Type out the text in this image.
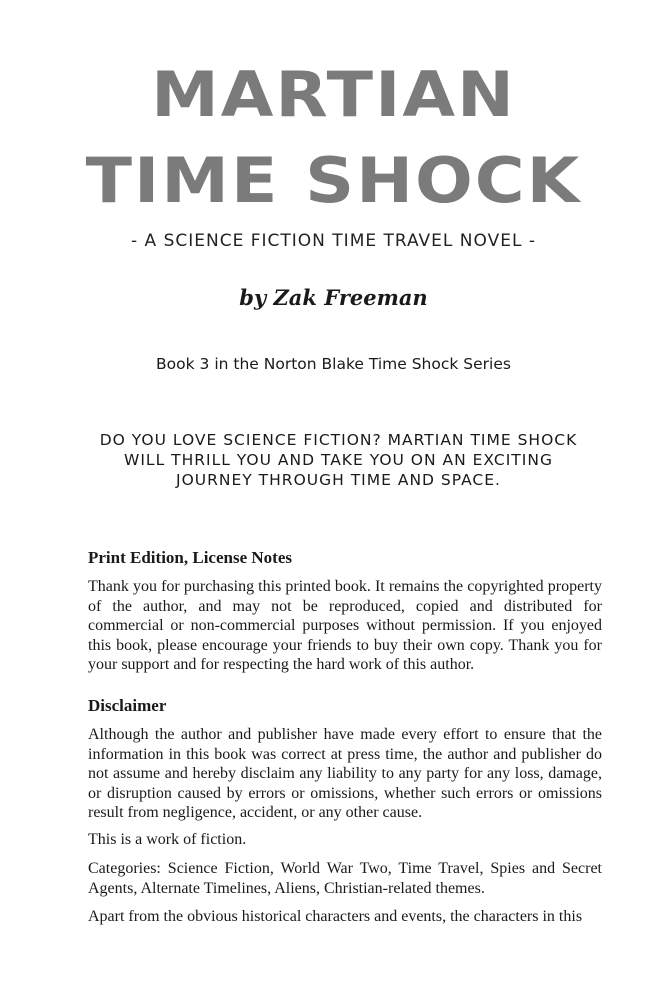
MARTIAN
TIME SHOCK
- A SCIENCE FICTION TIME TRAVEL NOVEL -
by Zak Freeman
Book 3 in the Norton Blake Time Shock Series
DO YOU LOVE SCIENCE FICTION? MARTIAN TIME SHOCK WILL THRILL YOU AND TAKE YOU ON AN EXCITING JOURNEY THROUGH TIME AND SPACE.
Print Edition, License Notes

Thank you for purchasing this printed book. It remains the copyrighted property of the author, and may not be reproduced, copied and distributed for commercial or non-commercial purposes without permission. If you enjoyed this book, please encourage your friends to buy their own copy. Thank you for your support and for respecting the hard work of this author.

Disclaimer

Although the author and publisher have made every effort to ensure that the information in this book was correct at press time, the author and publisher do not assume and hereby disclaim any liability to any party for any loss, damage, or disruption caused by errors or omissions, whether such errors or omissions result from negligence, accident, or any other cause.

This is a work of fiction.

Categories: Science Fiction, World War Two, Time Travel, Spies and Secret Agents, Alternate Timelines, Aliens, Christian-related themes.

Apart from the obvious historical characters and events, the characters in this
